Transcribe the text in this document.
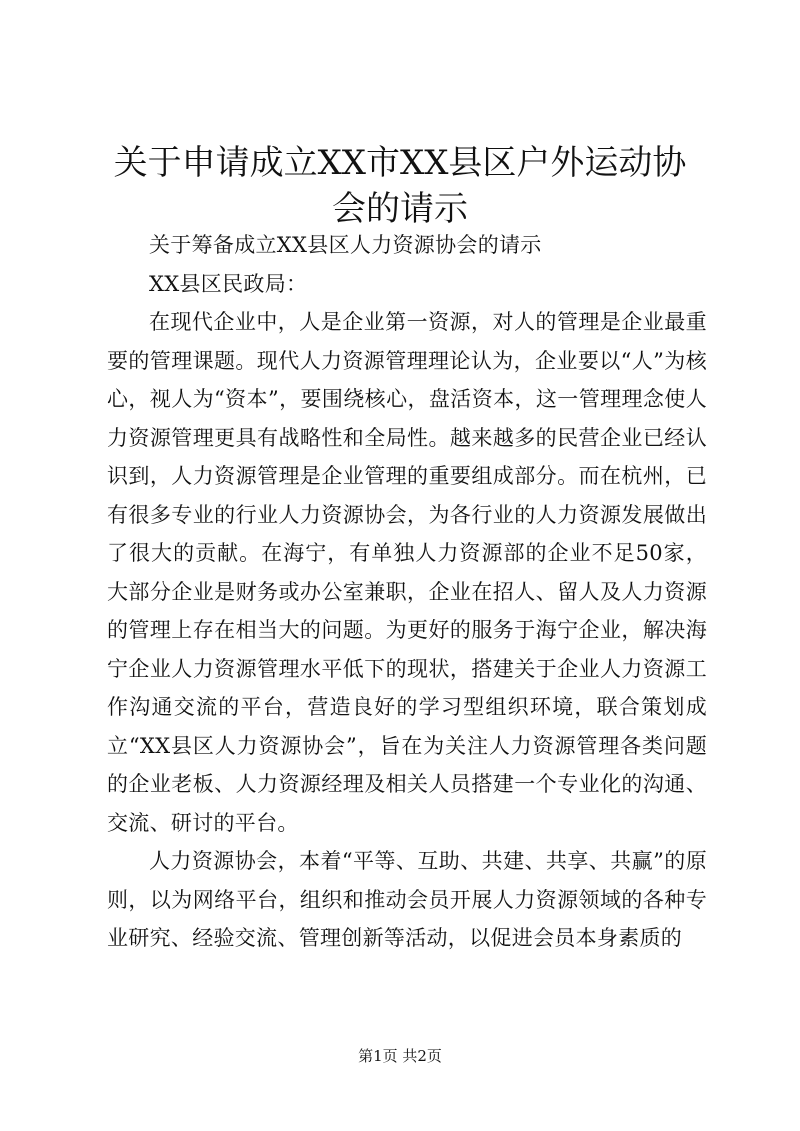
关于申请成立XX市XX县区户外运动协会的请示

关于筹备成立XX县区人力资源协会的请示

XX县区民政局：

在现代企业中，人是企业第一资源，对人的管理是企业最重要的管理课题。现代人力资源管理理论认为，企业要以“人”为核心，视人为“资本”，要围绕核心，盘活资本，这一管理理念使人力资源管理更具有战略性和全局性。越来越多的民营企业已经认识到，人力资源管理是企业管理的重要组成部分。而在杭州，已有很多专业的行业人力资源协会，为各行业的人力资源发展做出了很大的贡献。在海宁，有单独人力资源部的企业不足50家，大部分企业是财务或办公室兼职，企业在招人、留人及人力资源的管理上存在相当大的问题。为更好的服务于海宁企业，解决海宁企业人力资源管理水平低下的现状，搭建关于企业人力资源工作沟通交流的平台，营造良好的学习型组织环境，联合策划成立“XX县区人力资源协会”，旨在为关注人力资源管理各类问题的企业老板、人力资源经理及相关人员搭建一个专业化的沟通、交流、研讨的平台。

人力资源协会，本着“平等、互助、共建、共享、共赢”的原则，以为网络平台，组织和推动会员开展人力资源领域的各种专业研究、经验交流、管理创新等活动，以促进会员本身素质的

第1页 共2页
